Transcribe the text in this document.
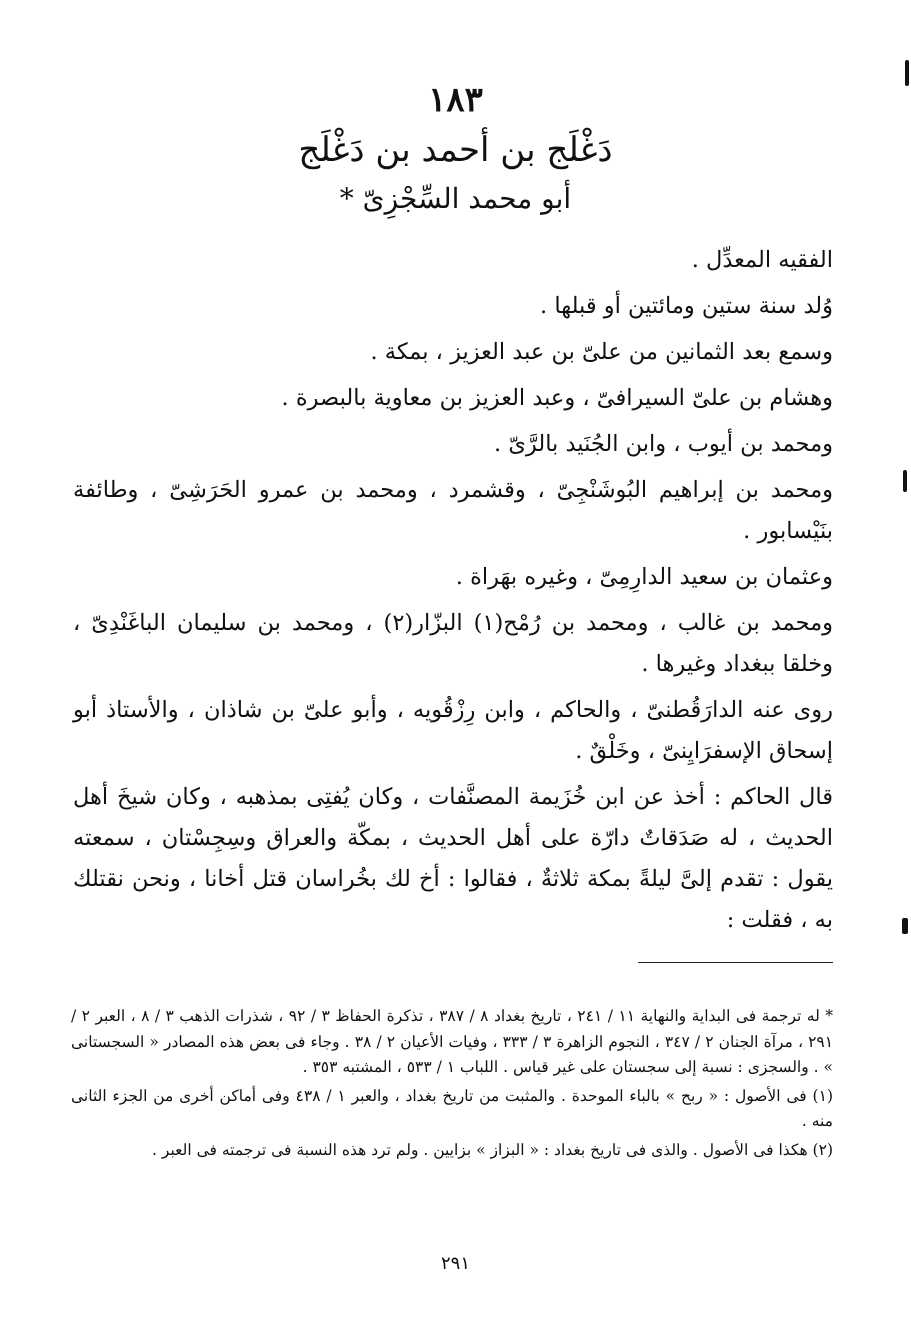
١٨٣
دَغْلَج بن أحمد بن دَغْلَج
أبو محمد السِّجْزِىّ *

الفقيه المعدِّل .

وُلد سنة ستين ومائتين أو قبلها .

وسمع بعد الثمانين من علىّ بن عبد العزيز ، بمكة .

وهشام بن علىّ السيرافىّ ، وعبد العزيز بن معاوية بالبصرة .

ومحمد بن أيوب ، وابن الجُنَيد بالرَّىّ .

ومحمد بن إبراهيم البُوشَنْجِىّ ، وقشمرد ، ومحمد بن عمرو الحَرَشِىّ ، وطائفة بنَيْسابور .

وعثمان بن سعيد الدارِمِىّ ، وغيره بهَراة .

ومحمد بن غالب ، ومحمد بن رُمْح(١) البزّار(٢) ، ومحمد بن سليمان الباغَنْدِىّ ، وخلقا ببغداد وغيرها .

روى عنه الدارَقُطنىّ ، والحاكم ، وابن رِزْقُويه ، وأبو علىّ بن شاذان ، والأستاذ أبو إسحاق الإسفرَايِنىّ ، وخَلْقٌ .

قال الحاكم : أخذ عن ابن خُزَيمة المصنَّفات ، وكان يُفتِى بمذهبه ، وكان شيخَ أهل الحديث ، له صَدَقاتٌ دارّة على أهل الحديث ، بمكّة والعراق وسِجِسْتان ، سمعته يقول : تقدم إلىَّ ليلةً بمكة ثلاثةٌ ، فقالوا : أخ لك بخُراسان قتل أخانا ، ونحن نقتلك به ، فقلت :

* له ترجمة فى البداية والنهاية ١١ / ٢٤١ ، تاريخ بغداد ٨ / ٣٨٧ ، تذكرة الحفاظ ٣ / ٩٢ ، شذرات الذهب ٣ / ٨ ، العبر ٢ / ٢٩١ ، مرآة الجنان ٢ / ٣٤٧ ، النجوم الزاهرة ٣ / ٣٣٣ ، وفيات الأعيان ٢ / ٣٨ . وجاء فى بعض هذه المصادر « السجستانى » . والسجزى : نسبة إلى سجستان على غير قياس . اللباب ١ / ٥٣٣ ، المشتبه ٣٥٣ .

(١) فى الأصول : « ربح » بالباء الموحدة . والمثبت من تاريخ بغداد ، والعبر ١ / ٤٣٨ وفى أماكن أخرى من الجزء الثانى منه .

(٢) هكذا فى الأصول . والذى فى تاريخ بغداد : « البزاز » بزايين . ولم ترد هذه النسبة فى ترجمته فى العبر .

٢٩١
